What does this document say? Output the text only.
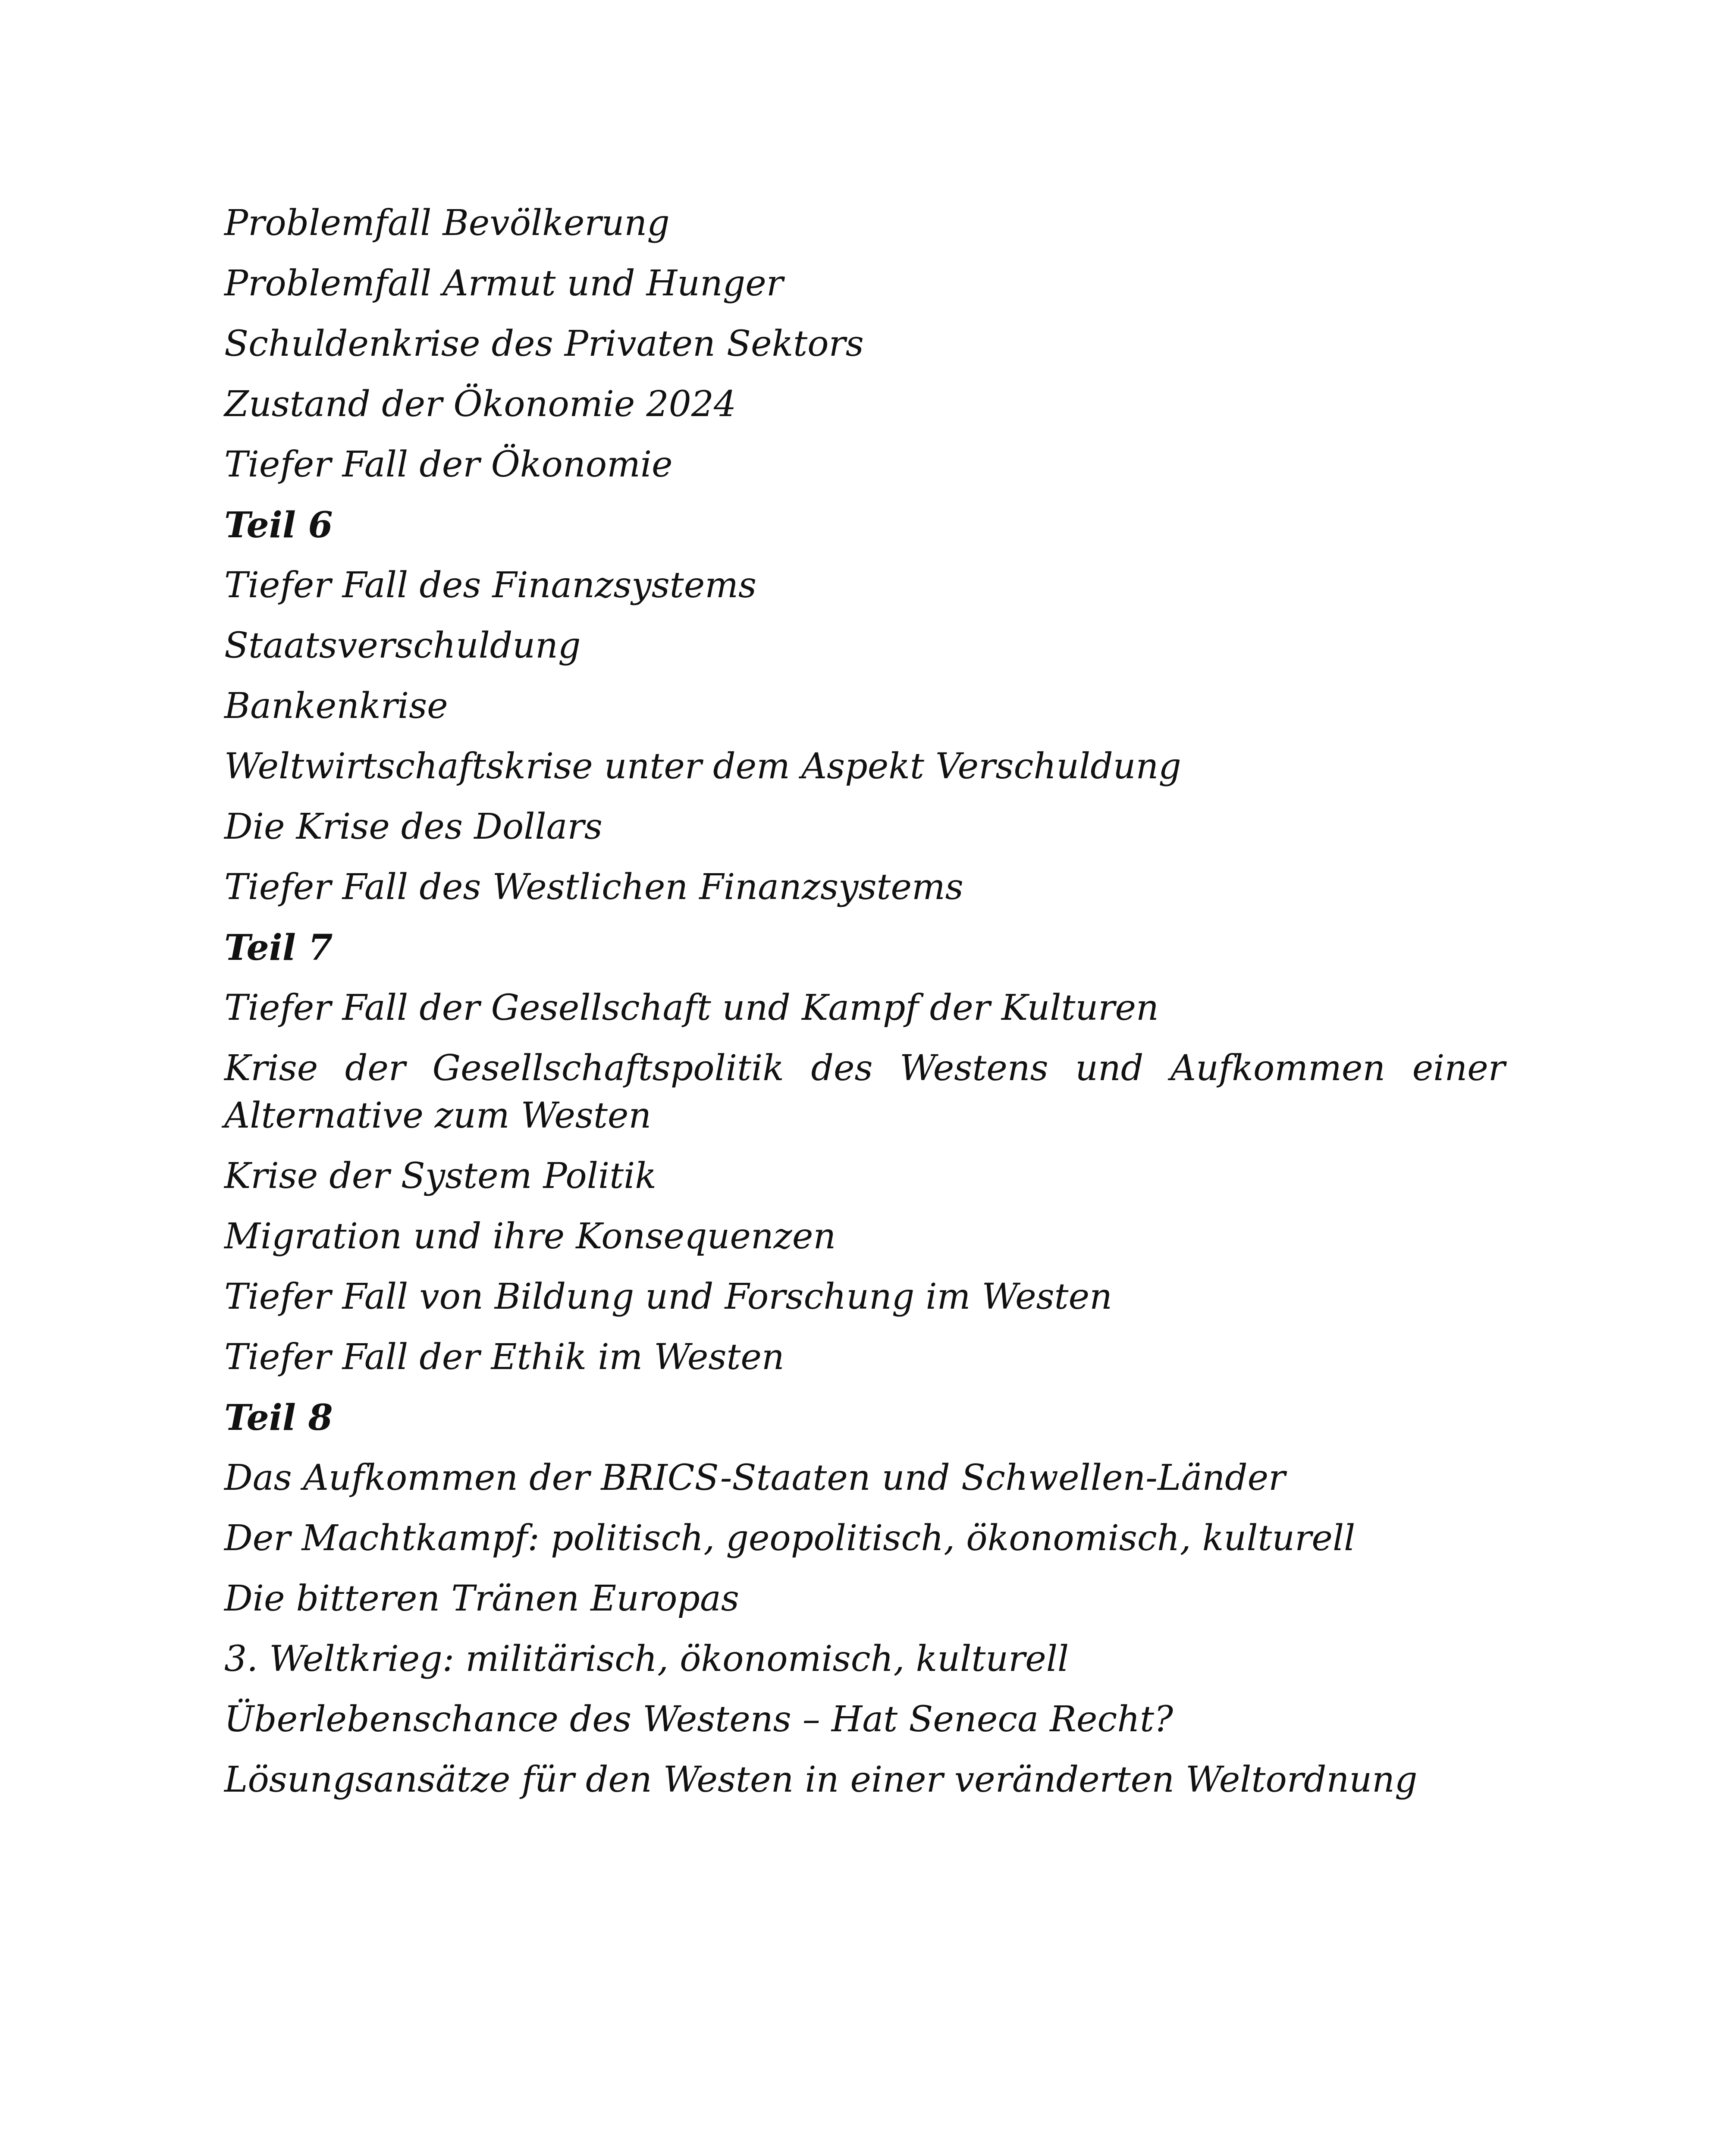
Problemfall Bevölkerung
Problemfall Armut und Hunger
Schuldenkrise des Privaten Sektors
Zustand der Ökonomie 2024
Tiefer Fall der Ökonomie
Teil 6
Tiefer Fall des Finanzsystems
Staatsverschuldung
Bankenkrise
Weltwirtschaftskrise unter dem Aspekt Verschuldung
Die Krise des Dollars
Tiefer Fall des Westlichen Finanzsystems
Teil 7
Tiefer Fall der Gesellschaft und Kampf der Kulturen
Krise der Gesellschaftspolitik des Westens und Aufkommen einer Alternative zum Westen
Krise der System Politik
Migration und ihre Konsequenzen
Tiefer Fall von Bildung und Forschung im Westen
Tiefer Fall der Ethik im Westen
Teil 8
Das Aufkommen der BRICS-Staaten und Schwellen-Länder
Der Machtkampf: politisch, geopolitisch, ökonomisch, kulturell
Die bitteren Tränen Europas
3. Weltkrieg: militärisch, ökonomisch, kulturell
Überlebenschance des Westens – Hat Seneca Recht?
Lösungsansätze für den Westen in einer veränderten Weltordnung
